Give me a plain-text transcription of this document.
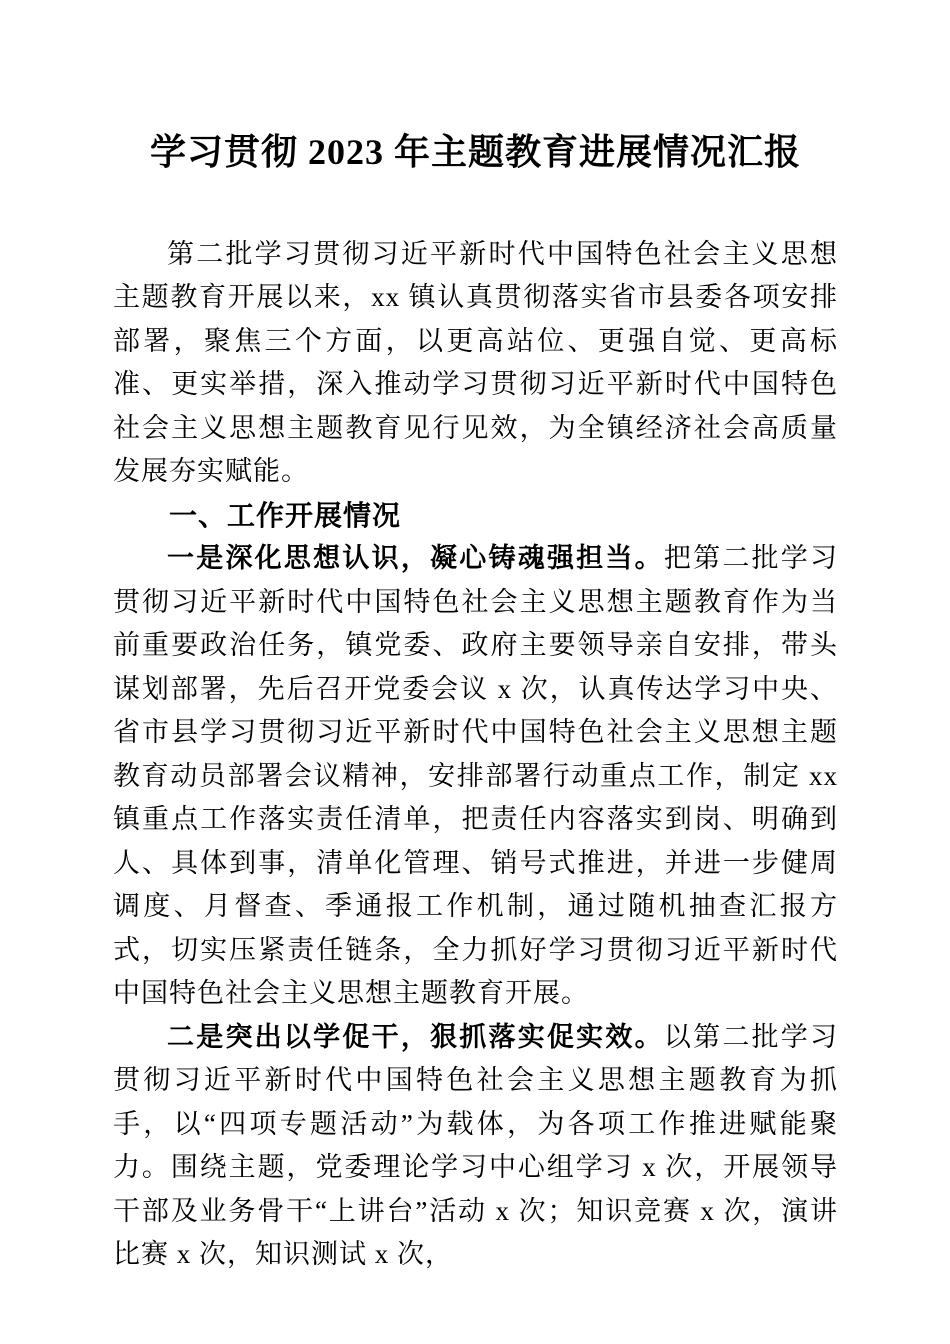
学习贯彻 2023 年主题教育进展情况汇报

第二批学习贯彻习近平新时代中国特色社会主义思想主题教育开展以来，xx 镇认真贯彻落实省市县委各项安排部署，聚焦三个方面，以更高站位、更强自觉、更高标准、更实举措，深入推动学习贯彻习近平新时代中国特色社会主义思想主题教育见行见效，为全镇经济社会高质量发展夯实赋能。

一、工作开展情况

一是深化思想认识，凝心铸魂强担当。把第二批学习贯彻习近平新时代中国特色社会主义思想主题教育作为当前重要政治任务，镇党委、政府主要领导亲自安排，带头谋划部署，先后召开党委会议 x 次，认真传达学习中央、省市县学习贯彻习近平新时代中国特色社会主义思想主题教育动员部署会议精神，安排部署行动重点工作，制定 xx 镇重点工作落实责任清单，把责任内容落实到岗、明确到人、具体到事，清单化管理、销号式推进，并进一步健周调度、月督查、季通报工作机制，通过随机抽查汇报方式，切实压紧责任链条，全力抓好学习贯彻习近平新时代中国特色社会主义思想主题教育开展。

二是突出以学促干，狠抓落实促实效。以第二批学习贯彻习近平新时代中国特色社会主义思想主题教育为抓手，以“四项专题活动”为载体，为各项工作推进赋能聚力。围绕主题，党委理论学习中心组学习 x 次，开展领导干部及业务骨干“上讲台”活动 x 次；知识竞赛 x 次，演讲比赛 x 次，知识测试 x 次，
